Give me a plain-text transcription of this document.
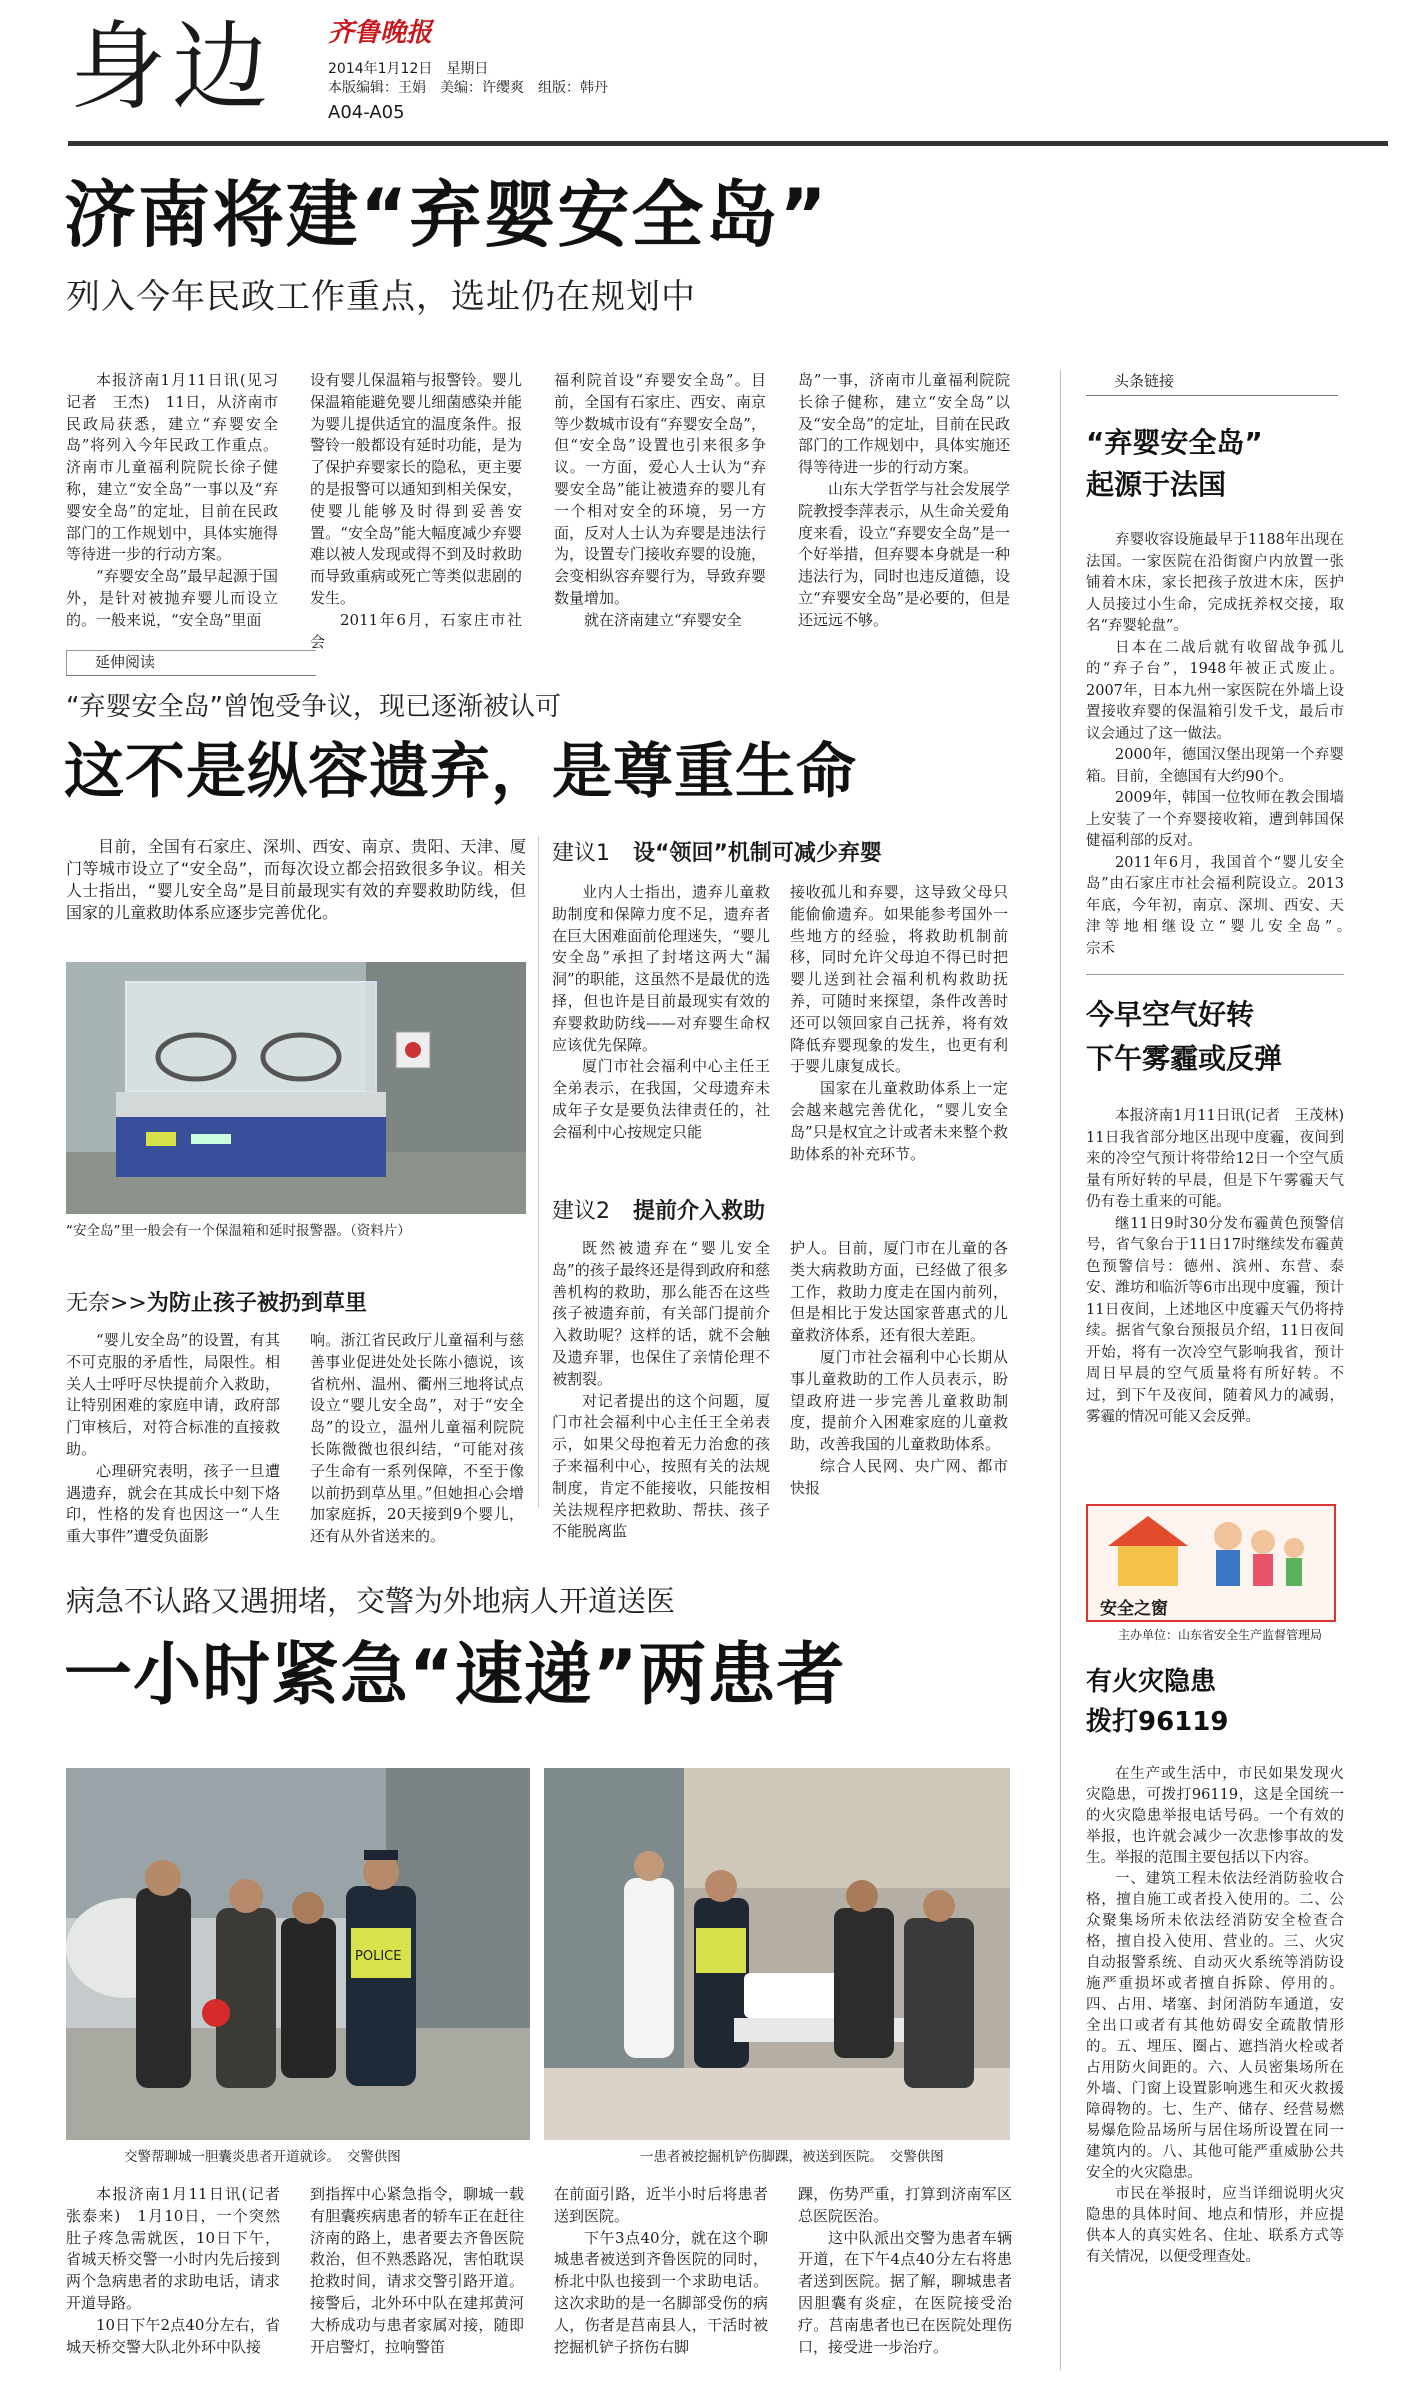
身边 齐鲁晚报
2014年1月12日　星期日
本版编辑：王娟　美编：许缨爽　组版：韩丹
A04-A05
济南将建“弃婴安全岛”
列入今年民政工作重点，选址仍在规划中

本报济南1月11日讯(见习记者　王杰)　11日，从济南市民政局获悉，建立“弃婴安全岛”将列入今年民政工作重点。济南市儿童福利院院长徐子健称，建立“安全岛”一事以及“弃婴安全岛”的定址，目前在民政部门的工作规划中，具体实施得等待进一步的行动方案。

“弃婴安全岛”最早起源于国外，是针对被抛弃婴儿而设立的。一般来说，“安全岛”里面

设有婴儿保温箱与报警铃。婴儿保温箱能避免婴儿细菌感染并能为婴儿提供适宜的温度条件。报警铃一般都设有延时功能，是为了保护弃婴家长的隐私，更主要的是报警可以通知到相关保安，使婴儿能够及时得到妥善安置。“安全岛”能大幅度减少弃婴难以被人发现或得不到及时救助而导致重病或死亡等类似悲剧的发生。

2011年6月，石家庄市社会

福利院首设“弃婴安全岛”。目前，全国有石家庄、西安、南京等少数城市设有“弃婴安全岛”，但“安全岛”设置也引来很多争议。一方面，爱心人士认为“弃婴安全岛”能让被遗弃的婴儿有一个相对安全的环境，另一方面，反对人士认为弃婴是违法行为，设置专门接收弃婴的设施，会变相纵容弃婴行为，导致弃婴数量增加。

就在济南建立“弃婴安全

岛”一事，济南市儿童福利院院长徐子健称，建立“安全岛”以及“安全岛”的定址，目前在民政部门的工作规划中，具体实施还得等待进一步的行动方案。

山东大学哲学与社会发展学院教授李萍表示，从生命关爱角度来看，设立“弃婴安全岛”是一个好举措，但弃婴本身就是一种违法行为，同时也违反道德，设立“弃婴安全岛”是必要的，但是还远远不够。

延伸阅读
“弃婴安全岛”曾饱受争议，现已逐渐被认可
这不是纵容遗弃，是尊重生命

目前，全国有石家庄、深圳、西安、南京、贵阳、天津、厦门等城市设立了“安全岛”，而每次设立都会招致很多争议。相关人士指出，“婴儿安全岛”是目前最现实有效的弃婴救助防线，但国家的儿童救助体系应逐步完善优化。

“安全岛”里一般会有一个保温箱和延时报警器。（资料片）
建议1 设“领回”机制可减少弃婴

业内人士指出，遗弃儿童救助制度和保障力度不足，遗弃者在巨大困难面前伦理迷失，“婴儿安全岛”承担了封堵这两大“漏洞”的职能，这虽然不是最优的选择，但也许是目前最现实有效的弃婴救助防线——对弃婴生命权应该优先保障。

厦门市社会福利中心主任王全弟表示，在我国，父母遗弃未成年子女是要负法律责任的，社会福利中心按规定只能

接收孤儿和弃婴，这导致父母只能偷偷遗弃。如果能参考国外一些地方的经验，将救助机制前移，同时允许父母迫不得已时把婴儿送到社会福利机构救助抚养，可随时来探望，条件改善时还可以领回家自己抚养，将有效降低弃婴现象的发生，也更有利于婴儿康复成长。

国家在儿童救助体系上一定会越来越完善优化，“婴儿安全岛”只是权宜之计或者未来整个救助体系的补充环节。

建议2 提前介入救助

既然被遗弃在“婴儿安全岛”的孩子最终还是得到政府和慈善机构的救助，那么能否在这些孩子被遗弃前，有关部门提前介入救助呢？这样的话，就不会触及遗弃罪，也保住了亲情伦理不被割裂。

对记者提出的这个问题，厦门市社会福利中心主任王全弟表示，如果父母抱着无力治愈的孩子来福利中心，按照有关的法规制度，肯定不能接收，只能按相关法规程序把救助、帮扶、孩子不能脱离监

护人。目前，厦门市在儿童的各类大病救助方面，已经做了很多工作，救助力度走在国内前列，但是相比于发达国家普惠式的儿童救济体系，还有很大差距。

厦门市社会福利中心长期从事儿童救助的工作人员表示，盼望政府进一步完善儿童救助制度，提前介入困难家庭的儿童救助，改善我国的儿童救助体系。

综合人民网、央广网、都市快报

无奈>>为防止孩子被扔到草里

“婴儿安全岛”的设置，有其不可克服的矛盾性，局限性。相关人士呼吁尽快提前介入救助，让特别困难的家庭申请，政府部门审核后，对符合标准的直接救助。

心理研究表明，孩子一旦遭遇遗弃，就会在其成长中刻下烙印，性格的发育也因这一“人生重大事件”遭受负面影

响。浙江省民政厅儿童福利与慈善事业促进处处长陈小德说，该省杭州、温州、衢州三地将试点设立“婴儿安全岛”，对于“安全岛”的设立，温州儿童福利院院长陈微微也很纠结，“可能对孩子生命有一系列保障，不至于像以前扔到草丛里。”但她担心会增加家庭拆，20天接到9个婴儿，还有从外省送来的。

病急不认路又遇拥堵，交警为外地病人开道送医
一小时紧急“速递”两患者
POLICE
交警帮聊城一胆囊炎患者开道就诊。　交警供图	一患者被挖掘机铲伤脚踝，被送到医院。　交警供图

本报济南1月11日讯(记者　张泰来)　1月10日，一个突然肚子疼急需就医，10日下午，省城天桥交警一小时内先后接到两个急病患者的求助电话，请求开道导路。

10日下午2点40分左右，省城天桥交警大队北外环中队接

到指挥中心紧急指令，聊城一载有胆囊疾病患者的轿车正在赶往济南的路上，患者要去齐鲁医院救治，但不熟悉路况，害怕耽误抢救时间，请求交警引路开道。接警后，北外环中队在建邦黄河大桥成功与患者家属对接，随即开启警灯，拉响警笛

在前面引路，近半小时后将患者送到医院。

下午3点40分，就在这个聊城患者被送到齐鲁医院的同时，桥北中队也接到一个求助电话。这次求助的是一名脚部受伤的病人，伤者是莒南县人，干活时被挖掘机铲子挤伤右脚

踝，伤势严重，打算到济南军区总医院医治。

这中队派出交警为患者车辆开道，在下午4点40分左右将患者送到医院。据了解，聊城患者因胆囊有炎症，在医院接受治疗。莒南患者也已在医院处理伤口，接受进一步治疗。

头条链接
“弃婴安全岛”
起源于法国

弃婴收容设施最早于1188年出现在法国。一家医院在沿街窗户内放置一张铺着木床，家长把孩子放进木床，医护人员接过小生命，完成抚养权交接，取名“弃婴轮盘”。

日本在二战后就有收留战争孤儿的“弃子台”，1948年被正式废止。2007年，日本九州一家医院在外墙上设置接收弃婴的保温箱引发千戈，最后市议会通过了这一做法。

2000年，德国汉堡出现第一个弃婴箱。目前，全德国有大约90个。

2009年，韩国一位牧师在教会围墙上安装了一个弃婴接收箱，遭到韩国保健福利部的反对。

2011年6月，我国首个“婴儿安全岛”由石家庄市社会福利院设立。2013年底，今年初，南京、深圳、西安、天津等地相继设立“婴儿安全岛”。　　　　宗禾

今早空气好转
下午雾霾或反弹

本报济南1月11日讯(记者　王茂林)　11日我省部分地区出现中度霾，夜间到来的冷空气预计将带给12日一个空气质量有所好转的早晨，但是下午雾霾天气仍有卷土重来的可能。

继11日9时30分发布霾黄色预警信号，省气象台于11日17时继续发布霾黄色预警信号：德州、滨州、东营、泰安、潍坊和临沂等6市出现中度霾，预计11日夜间，上述地区中度霾天气仍将持续。据省气象台预报员介绍，11日夜间开始，将有一次冷空气影响我省，预计周日早晨的空气质量将有所好转。不过，到下午及夜间，随着风力的减弱，雾霾的情况可能又会反弹。

安全之窗
主办单位：山东省安全生产监督管理局
有火灾隐患
拨打96119

在生产或生活中，市民如果发现火灾隐患，可拨打96119，这是全国统一的火灾隐患举报电话号码。一个有效的举报，也许就会减少一次悲惨事故的发生。举报的范围主要包括以下内容。

一、建筑工程未依法经消防验收合格，擅自施工或者投入使用的。二、公众聚集场所未依法经消防安全检查合格，擅自投入使用、营业的。三、火灾自动报警系统、自动灭火系统等消防设施严重损坏或者擅自拆除、停用的。四、占用、堵塞、封闭消防车通道，安全出口或者有其他妨碍安全疏散情形的。五、埋压、圈占、遮挡消火栓或者占用防火间距的。六、人员密集场所在外墙、门窗上设置影响逃生和灭火救援障碍物的。七、生产、储存、经营易燃易爆危险品场所与居住场所设置在同一建筑内的。八、其他可能严重威胁公共安全的火灾隐患。

市民在举报时，应当详细说明火灾隐患的具体时间、地点和情形，并应提供本人的真实姓名、住址、联系方式等有关情况，以便受理查处。
